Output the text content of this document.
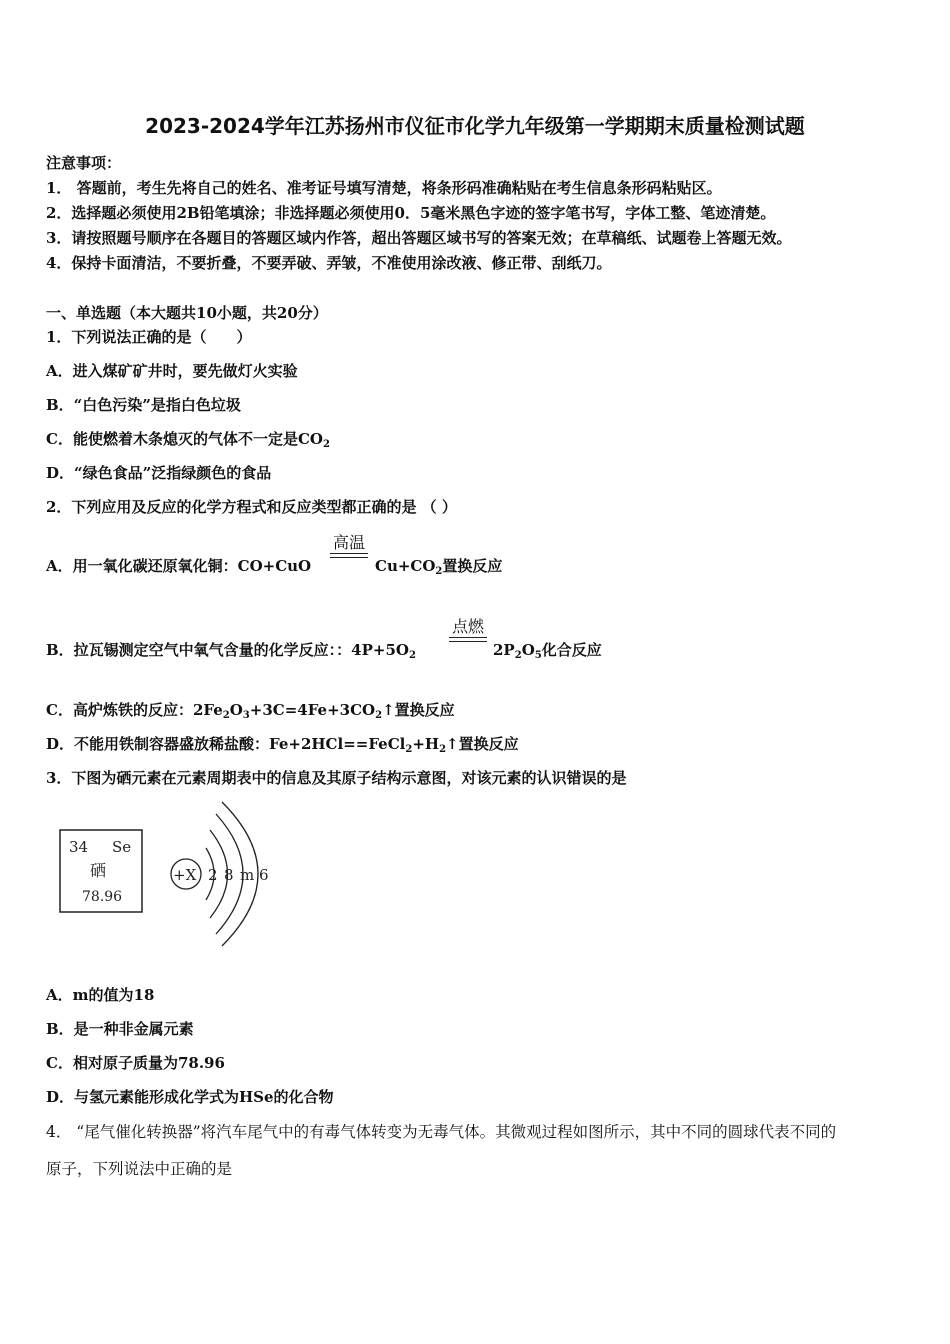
2023-2024学年江苏扬州市仪征市化学九年级第一学期期末质量检测试题
注意事项：
1． 答题前，考生先将自己的姓名、准考证号填写清楚，将条形码准确粘贴在考生信息条形码粘贴区。
2．选择题必须使用2B铅笔填涂；非选择题必须使用0．5毫米黑色字迹的签字笔书写，字体工整、笔迹清楚。
3．请按照题号顺序在各题目的答题区域内作答，超出答题区域书写的答案无效；在草稿纸、试题卷上答题无效。
4．保持卡面清洁，不要折叠，不要弄破、弄皱，不准使用涂改液、修正带、刮纸刀。
一、单选题（本大题共10小题，共20分）
1．下列说法正确的是（　　）
A．进入煤矿矿井时，要先做灯火实验
B．“白色污染”是指白色垃圾
C．能使燃着木条熄灭的气体不一定是$CO_2$
D．“绿色食品”泛指绿颜色的食品
2．下列应用及反应的化学方程式和反应类型都正确的是 （ ）
A．用一氧化碳还原氧化铜：CO+CuO
高温
$Cu+CO_2$置换反应
B．拉瓦锡测定空气中氧气含量的化学反应：：$4P+5O_2$
点燃
$2P_2O_5$化合反应
C．高炉炼铁的反应：$2Fe_2O_3+3C=4Fe+3CO_2↑$置换反应
D．不能用铁制容器盛放稀盐酸：$Fe+2HCl==FeCl_2+H_2↑$置换反应
3．下图为硒元素在元素周期表中的信息及其原子结构示意图，对该元素的认识错误的是
34 Se
硒
78.96
+X 2 8 m 6
A．m的值为18
B．是一种非金属元素
C．相对原子质量为78.96
D．与氢元素能形成化学式为HSe的化合物
4． “尾气催化转换器”将汽车尾气中的有毒气体转变为无毒气体。其微观过程如图所示，其中不同的圆球代表不同的
原子，下列说法中正确的是
